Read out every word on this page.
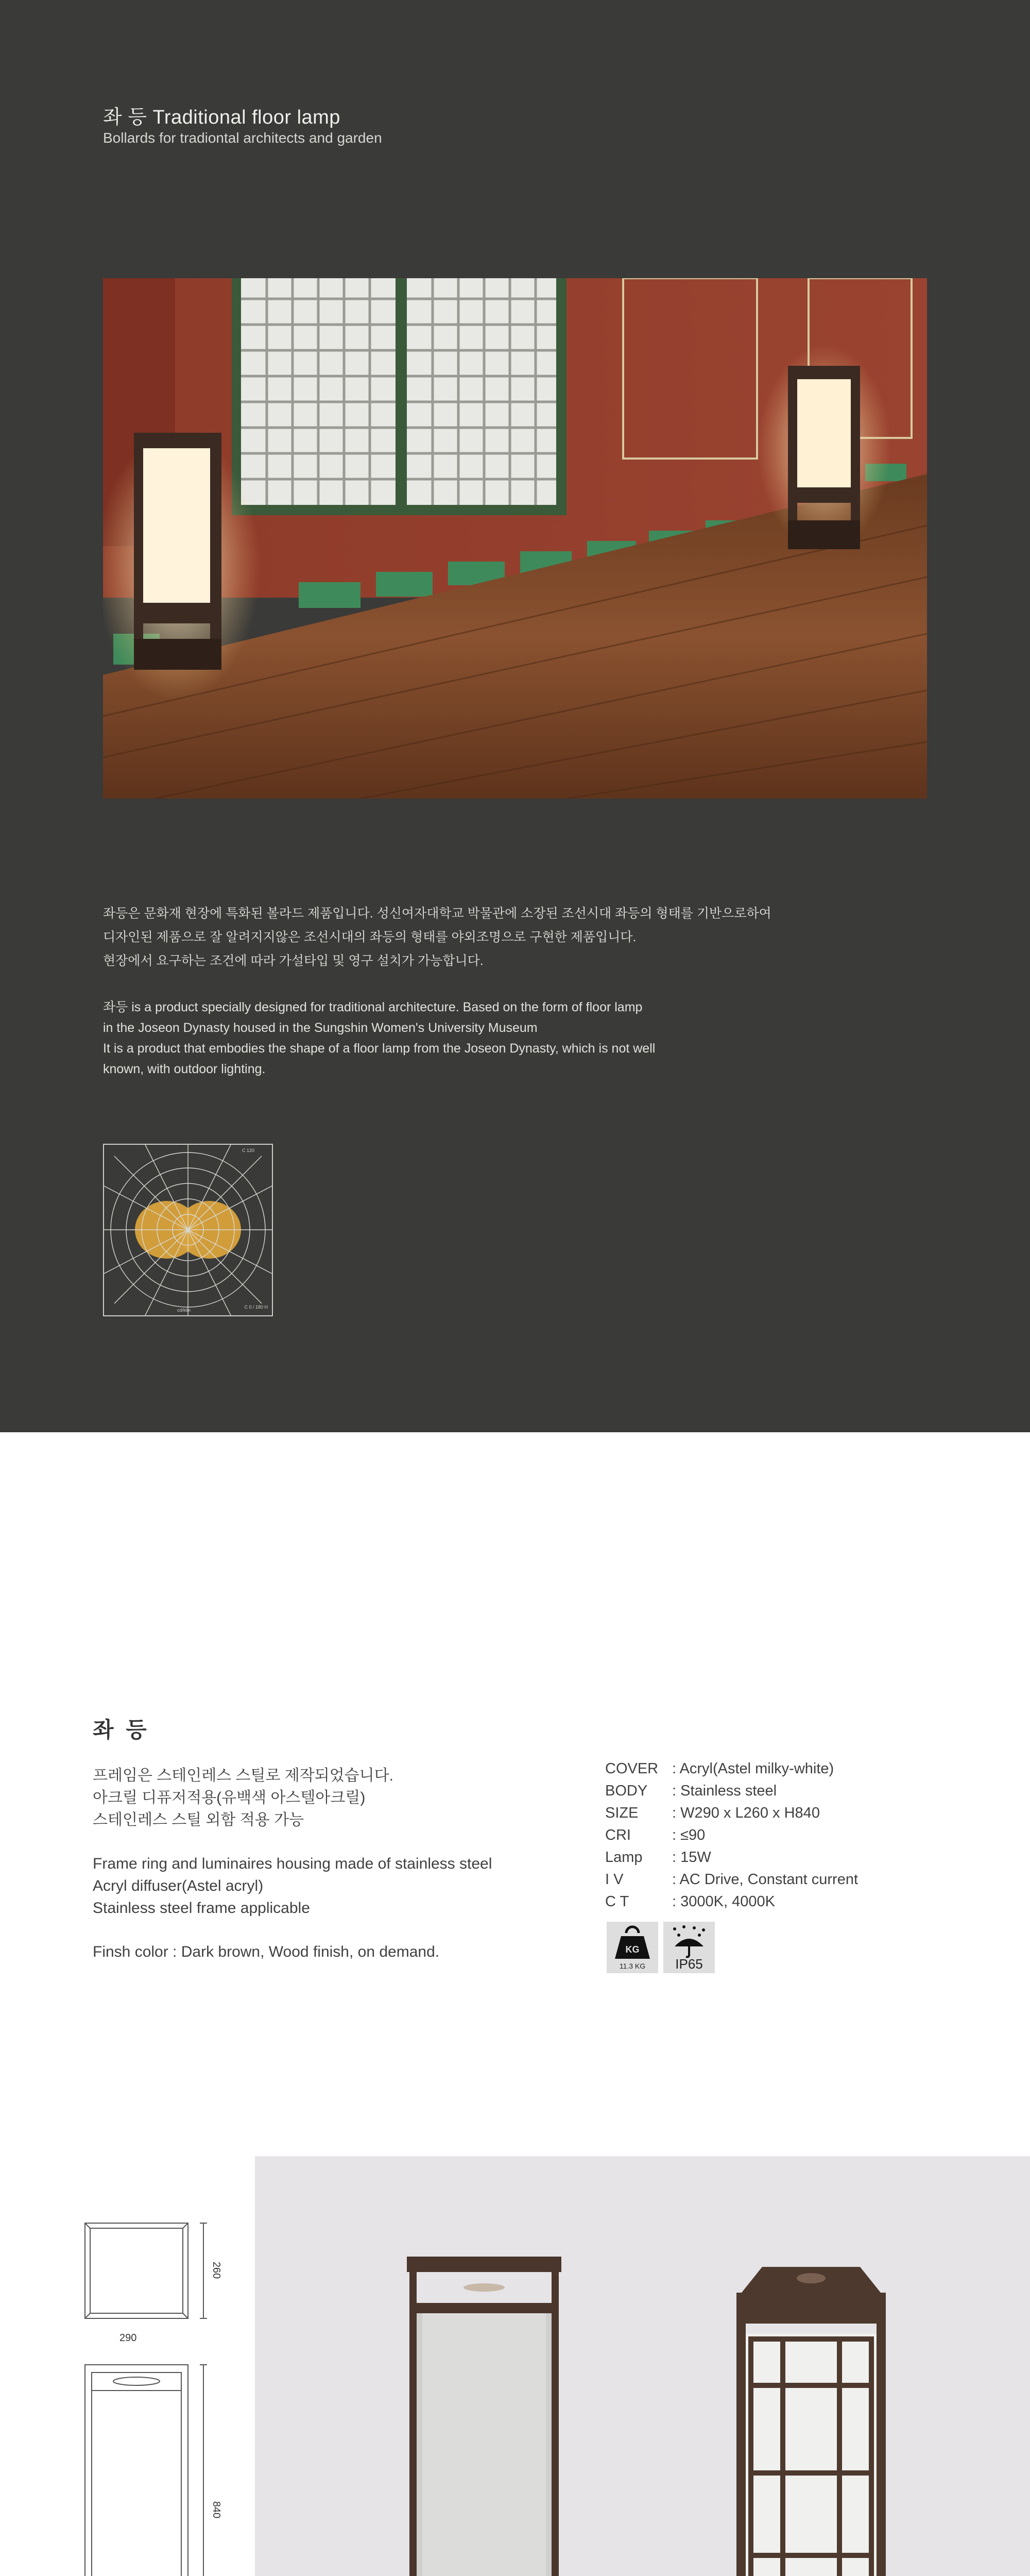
좌 등 Traditional floor lamp

Bollards for tradiontal architects and garden

좌등은 문화재 현장에 특화된 볼라드 제품입니다. 성신여자대학교 박물관에 소장된 조선시대 좌등의 형태를 기반으로하여
디자인된 제품으로 잘 알려지지않은 조선시대의 좌등의 형태를 야외조명으로 구현한 제품입니다.
현장에서 요구하는 조건에 따라 가설타입 및 영구 설치가 가능합니다.
좌등 is a product specially designed for traditional architecture. Based on the form of floor lamp
in the Joseon Dynasty housed in the Sungshin Women's University Museum
It is a product that embodies the shape of a floor lamp from the Joseon Dynasty, which is not well
known, with outdoor lighting.
C 120
cd/klm
C 0 / 180 H
좌 등
프레임은 스테인레스 스틸로 제작되었습니다.
아크릴 디퓨저적용(유백색 아스텔아크릴)
스테인레스 스틸 외함 적용 가능
Frame ring and luminaires housing made of stainless steel
Acryl diffuser(Astel acryl)
Stainless steel frame applicable
Finsh color : Dark brown, Wood finish, on demand.
COVER : Acryl(Astel milky-white)
BODY	: Stainless steel
SIZE	: W290 x L260 x H840
CRI	: ≤90
Lamp	: 15W
I V	: AC Drive, Constant current
C T	: 3000K, 4000K
KG
11.3 KG	IP65
290
260
840
